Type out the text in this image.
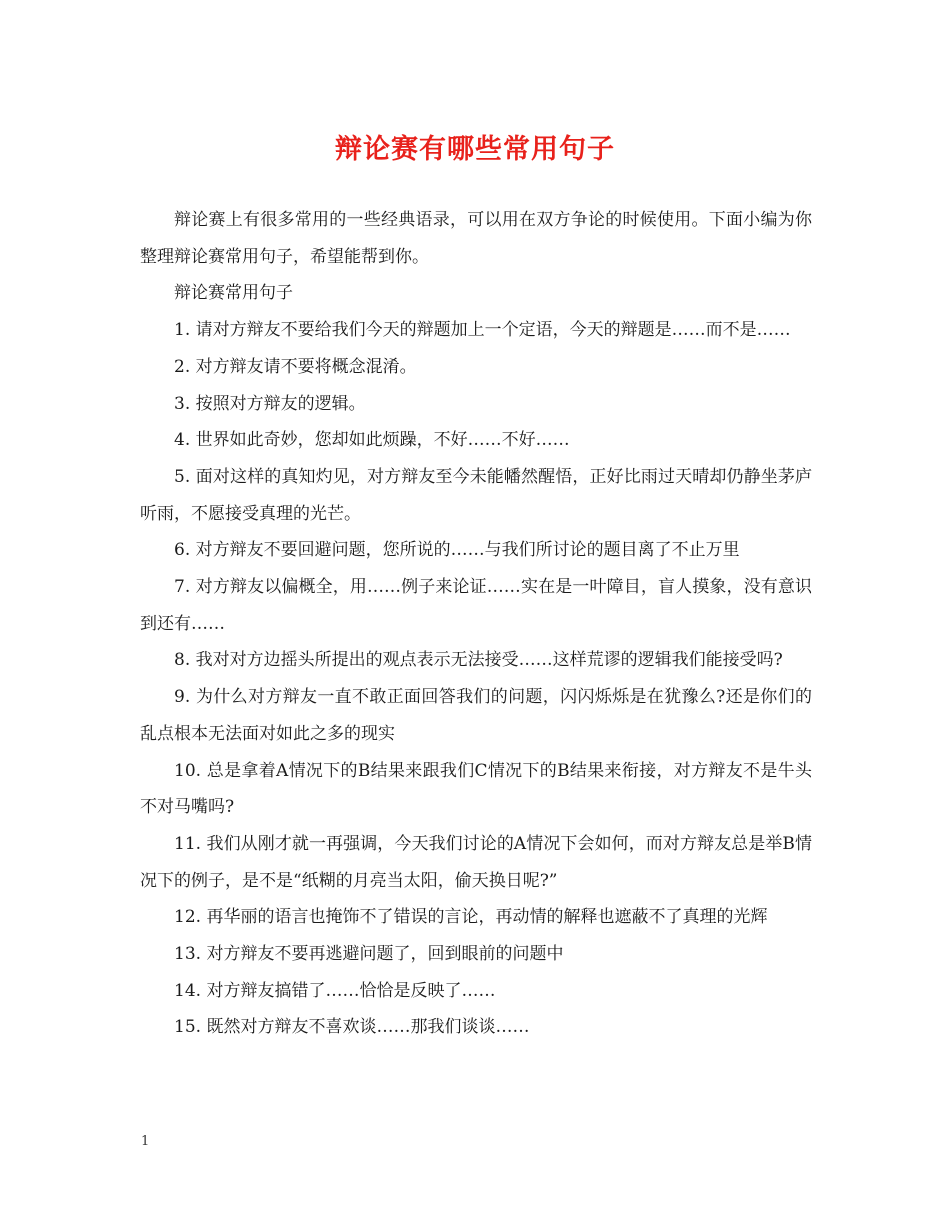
辩论赛有哪些常用句子

辩论赛上有很多常用的一些经典语录，可以用在双方争论的时候使用。下面小编为你整理辩论赛常用句子，希望能帮到你。

辩论赛常用句子

1. 请对方辩友不要给我们今天的辩题加上一个定语，今天的辩题是……而不是……

2. 对方辩友请不要将概念混淆。

3. 按照对方辩友的逻辑。

4. 世界如此奇妙，您却如此烦躁，不好……不好……

5. 面对这样的真知灼见，对方辩友至今未能幡然醒悟，正好比雨过天晴却仍静坐茅庐听雨，不愿接受真理的光芒。

6. 对方辩友不要回避问题，您所说的……与我们所讨论的题目离了不止万里

7. 对方辩友以偏概全，用……例子来论证……实在是一叶障目，盲人摸象，没有意识到还有……

8. 我对对方边摇头所提出的观点表示无法接受……这样荒谬的逻辑我们能接受吗?

9. 为什么对方辩友一直不敢正面回答我们的问题，闪闪烁烁是在犹豫么?还是你们的乱点根本无法面对如此之多的现实

10. 总是拿着A情况下的B结果来跟我们C情况下的B结果来衔接，对方辩友不是牛头不对马嘴吗?

11. 我们从刚才就一再强调，今天我们讨论的A情况下会如何，而对方辩友总是举B情况下的例子，是不是“纸糊的月亮当太阳，偷天换日呢?”

12. 再华丽的语言也掩饰不了错误的言论，再动情的解释也遮蔽不了真理的光辉

13. 对方辩友不要再逃避问题了，回到眼前的问题中

14. 对方辩友搞错了……恰恰是反映了……

15. 既然对方辩友不喜欢谈……那我们谈谈……

1
